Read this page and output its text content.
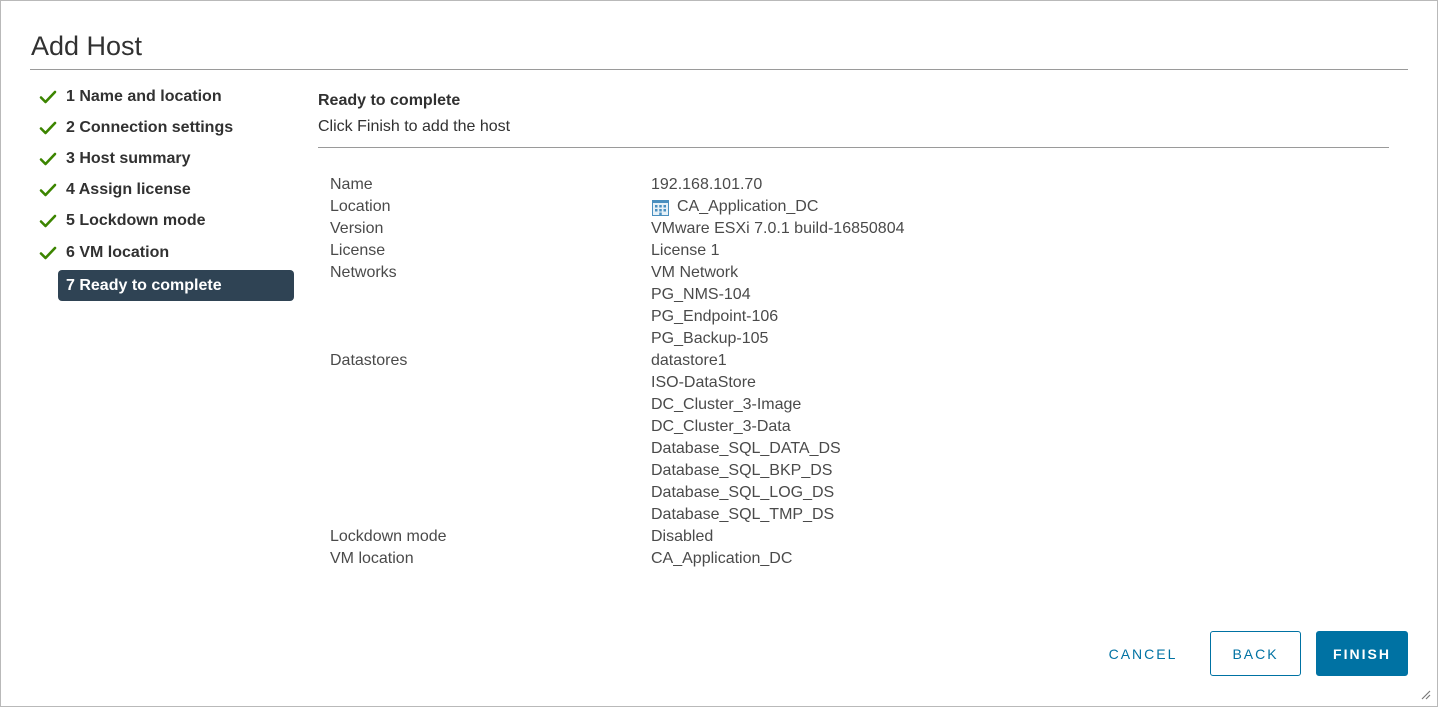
Add Host
1 Name and location
2 Connection settings
3 Host summary
4 Assign license
5 Lockdown mode
6 VM location
7 Ready to complete
Ready to complete
Click Finish to add the host
Name	192.168.101.70
Location	CA_Application_DC
Version	VMware ESXi 7.0.1 build-16850804
License	License 1
Networks	VM Network
PG_NMS-104
PG_Endpoint-106
PG_Backup-105
Datastores	datastore1
ISO-DataStore
DC_Cluster_3-Image
DC_Cluster_3-Data
Database_SQL_DATA_DS
Database_SQL_BKP_DS
Database_SQL_LOG_DS
Database_SQL_TMP_DS
Lockdown mode	Disabled
VM location	CA_Application_DC
CANCEL	BACK	FINISH
